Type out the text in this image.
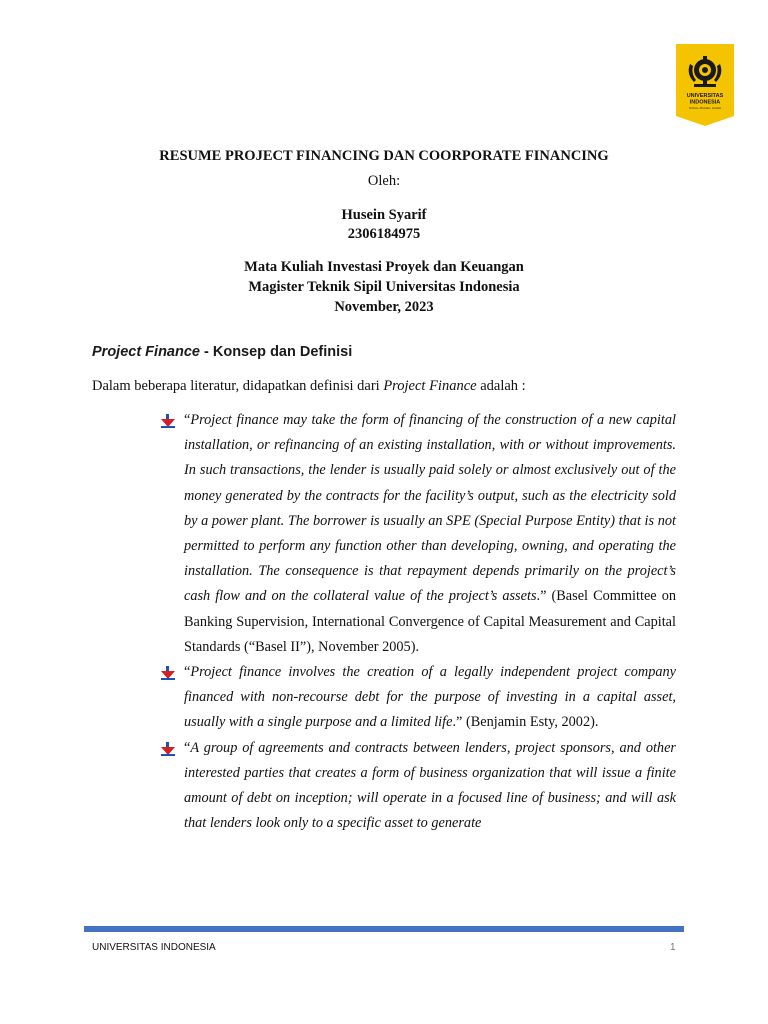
UNIVERSITAS
INDONESIA
Veritas, Probitas, Iustitia
RESUME PROJECT FINANCING DAN COORPORATE FINANCING
Oleh:
Husein Syarif
2306184975
Mata Kuliah Investasi Proyek dan Keuangan
Magister Teknik Sipil Universitas Indonesia
November, 2023
Project Finance - Konsep dan Definisi
Dalam beberapa literatur, didapatkan definisi dari Project Finance adalah :
“Project finance may take the form of financing of the construction of a new capital installation, or refinancing of an existing installation, with or without improvements. In such transactions, the lender is usually paid solely or almost exclusively out of the money generated by the contracts for the facility’s output, such as the electricity sold by a power plant. The borrower is usually an SPE (Special Purpose Entity) that is not permitted to perform any function other than developing, owning, and operating the installation. The consequence is that repayment depends primarily on the project’s cash flow and on the collateral value of the project’s assets.” (Basel Committee on Banking Supervision, International Convergence of Capital Measurement and Capital Standards (“Basel II”), November 2005).
“Project finance involves the creation of a legally independent project company financed with non-recourse debt for the purpose of investing in a capital asset, usually with a single purpose and a limited life.” (Benjamin Esty, 2002).
“A group of agreements and contracts between lenders, project sponsors, and other interested parties that creates a form of business organization that will issue a finite amount of debt on inception; will operate in a focused line of business; and will ask that lenders look only to a specific asset to generate
UNIVERSITAS INDONESIA	1
